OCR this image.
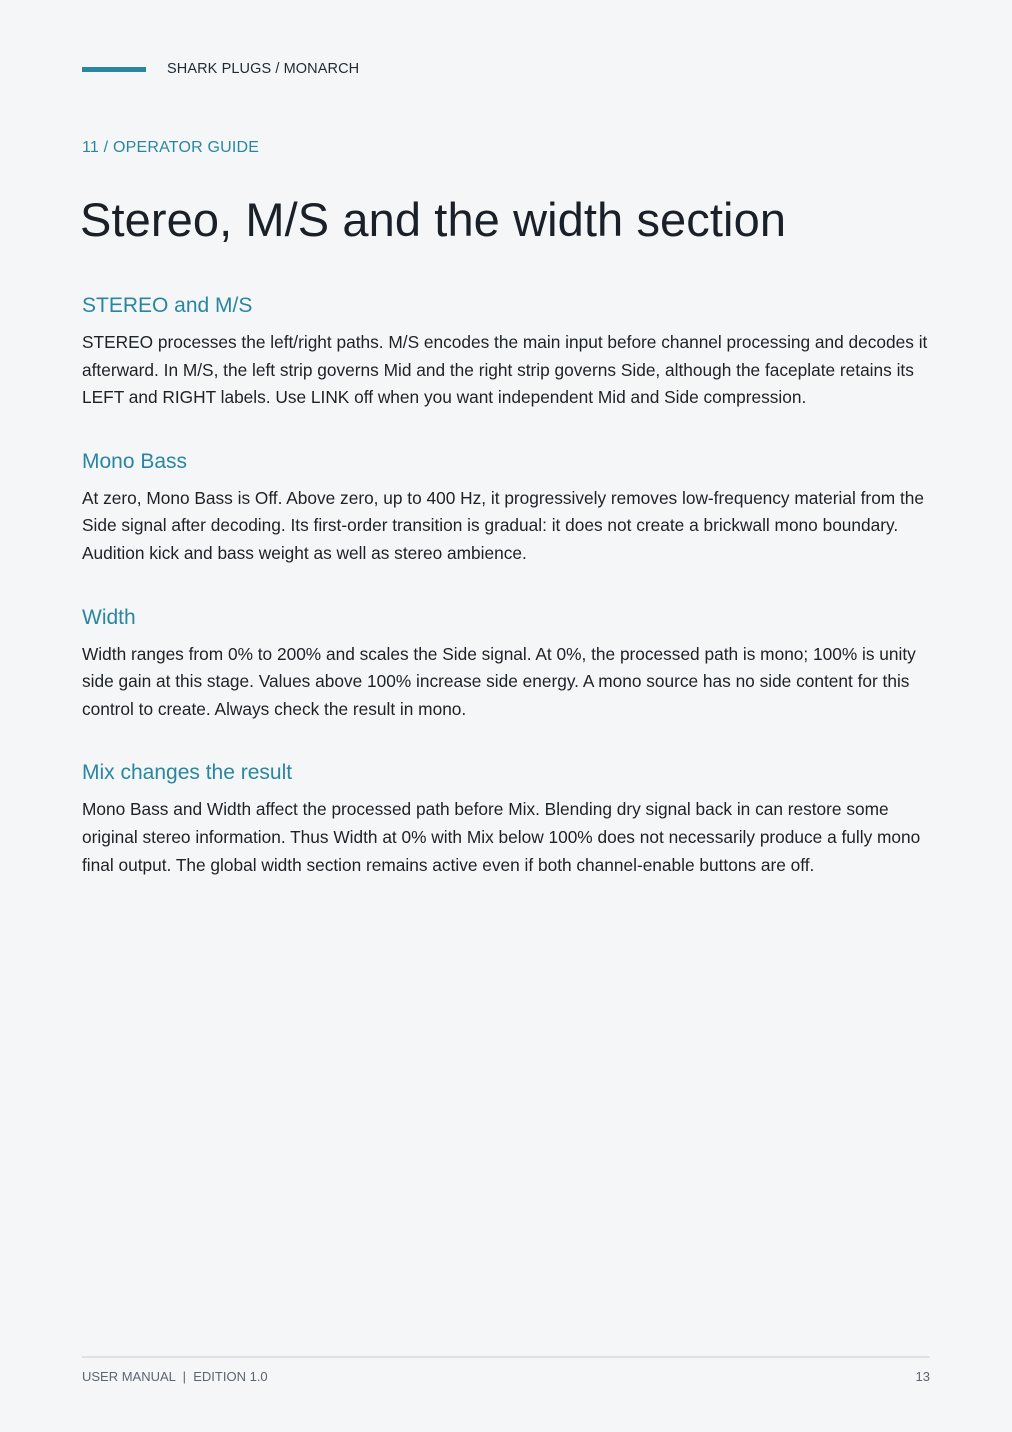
SHARK PLUGS / MONARCH
11 / OPERATOR GUIDE
Stereo, M/S and the width section
STEREO and M/S

STEREO processes the left/right paths. M/S encodes the main input before channel processing and decodes it afterward. In M/S, the left strip governs Mid and the right strip governs Side, although the faceplate retains its LEFT and RIGHT labels. Use LINK off when you want independent Mid and Side compression.

Mono Bass

At zero, Mono Bass is Off. Above zero, up to 400 Hz, it progressively removes low-frequency material from the Side signal after decoding. Its first-order transition is gradual: it does not create a brickwall mono boundary. Audition kick and bass weight as well as stereo ambience.

Width

Width ranges from 0% to 200% and scales the Side signal. At 0%, the processed path is mono; 100% is unity side gain at this stage. Values above 100% increase side energy. A mono source has no side content for this control to create. Always check the result in mono.

Mix changes the result

Mono Bass and Width affect the processed path before Mix. Blending dry signal back in can restore some original stereo information. Thus Width at 0% with Mix below 100% does not necessarily produce a fully mono final output. The global width section remains active even if both channel-enable buttons are off.

USER MANUAL  |  EDITION 1.0	13
